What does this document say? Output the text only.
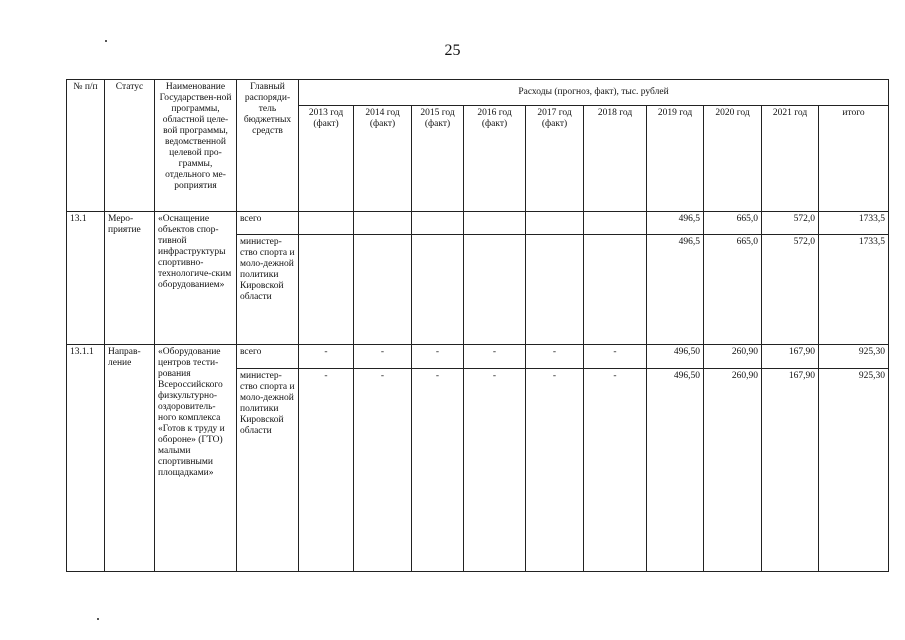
25
№ п/п	Статус	Наименование Государствен-ной программы, областной целе-вой программы, ведомственной целевой про-граммы, отдельного ме-роприятия	Главный распоряди-тель бюджетных средств	Расходы (прогноз, факт), тыс. рублей									
				2013 год (факт)	2014 год (факт)	2015 год (факт)	2016 год (факт)	2017 год (факт)	2018 год	2019 год	2020 год	2021 год	итого
13.1	Меро-приятие	«Оснащение объектов спор-тивной инфраструктуры спортивно-технологиче-ским оборудованием»	всего							496,5	665,0	572,0	1733,5
			министер-ство спорта и моло-дежной политики Кировской области							496,5	665,0	572,0	1733,5
13.1.1	Направ-ление	«Оборудование центров тести-рования Всероссийского физкультурно-оздоровитель-ного комплекса «Готов к труду и обороне» (ГТО) малыми спортивными площадками»	всего	-	-	-	-	-	-	496,50	260,90	167,90	925,30
			министер-ство спорта и моло-дежной политики Кировской области	-	-	-	-	-	-	496,50	260,90	167,90	925,30
